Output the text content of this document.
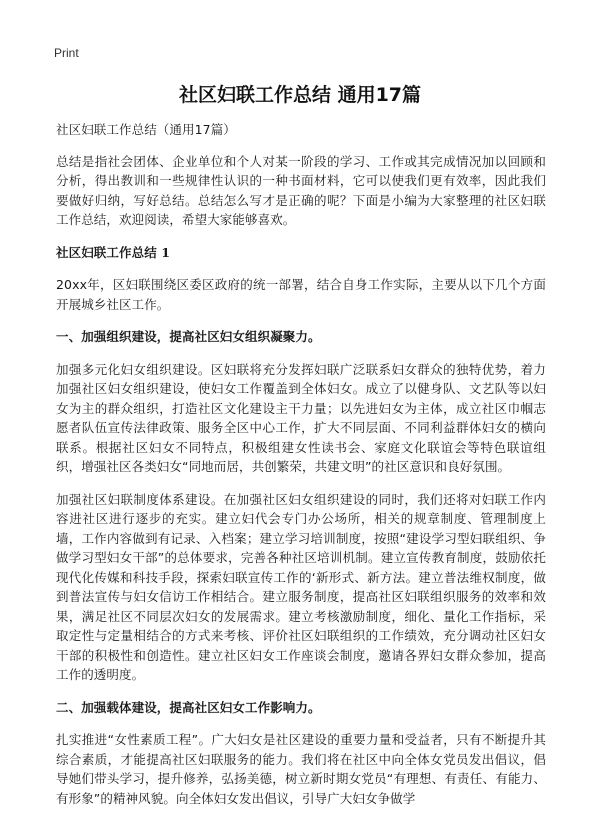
Print
社区妇联工作总结 通用17篇

社区妇联工作总结（通用17篇）

总结是指社会团体、企业单位和个人对某一阶段的学习、工作或其完成情况加以回顾和分析，得出教训和一些规律性认识的一种书面材料，它可以使我们更有效率，因此我们要做好归纳，写好总结。总结怎么写才是正确的呢？下面是小编为大家整理的社区妇联工作总结，欢迎阅读，希望大家能够喜欢。

社区妇联工作总结 1

20xx年，区妇联围绕区委区政府的统一部署，结合自身工作实际，主要从以下几个方面开展城乡社区工作。

一、加强组织建设，提高社区妇女组织凝聚力。

加强多元化妇女组织建设。区妇联将充分发挥妇联广泛联系妇女群众的独特优势，着力加强社区妇女组织建设，使妇女工作覆盖到全体妇女。成立了以健身队、文艺队等以妇女为主的群众组织，打造社区文化建设主干力量；以先进妇女为主体，成立社区巾帼志愿者队伍宣传法律政策、服务全区中心工作，扩大不同层面、不同利益群体妇女的横向联系。根据社区妇女不同特点，积极组建女性读书会、家庭文化联谊会等特色联谊组织，增强社区各类妇女“同地而居，共创繁荣，共建文明”的社区意识和良好氛围。

加强社区妇联制度体系建设。在加强社区妇女组织建设的同时，我们还将对妇联工作内容进社区进行逐步的充实。建立妇代会专门办公场所，相关的规章制度、管理制度上墙，工作内容做到有记录、入档案；建立学习培训制度，按照“建设学习型妇联组织、争做学习型妇女干部”的总体要求，完善各种社区培训机制。建立宣传教育制度，鼓励依托现代化传媒和科技手段，探索妇联宣传工作的‘新形式、新方法。建立普法维权制度，做到普法宣传与妇女信访工作相结合。建立服务制度，提高社区妇联组织服务的效率和效果，满足社区不同层次妇女的发展需求。建立考核激励制度，细化、量化工作指标，采取定性与定量相结合的方式来考核、评价社区妇联组织的工作绩效，充分调动社区妇女干部的积极性和创造性。建立社区妇女工作座谈会制度，邀请各界妇女群众参加，提高工作的透明度。

二、加强载体建设，提高社区妇女工作影响力。

扎实推进“女性素质工程”。广大妇女是社区建设的重要力量和受益者，只有不断提升其综合素质，才能提高社区妇联服务的能力。我们将在社区中向全体女党员发出倡议，倡导她们带头学习，提升修养，弘扬美德，树立新时期女党员“有理想、有责任、有能力、有形象”的精神风貌。向全体妇女发出倡议，引导广大妇女争做学
